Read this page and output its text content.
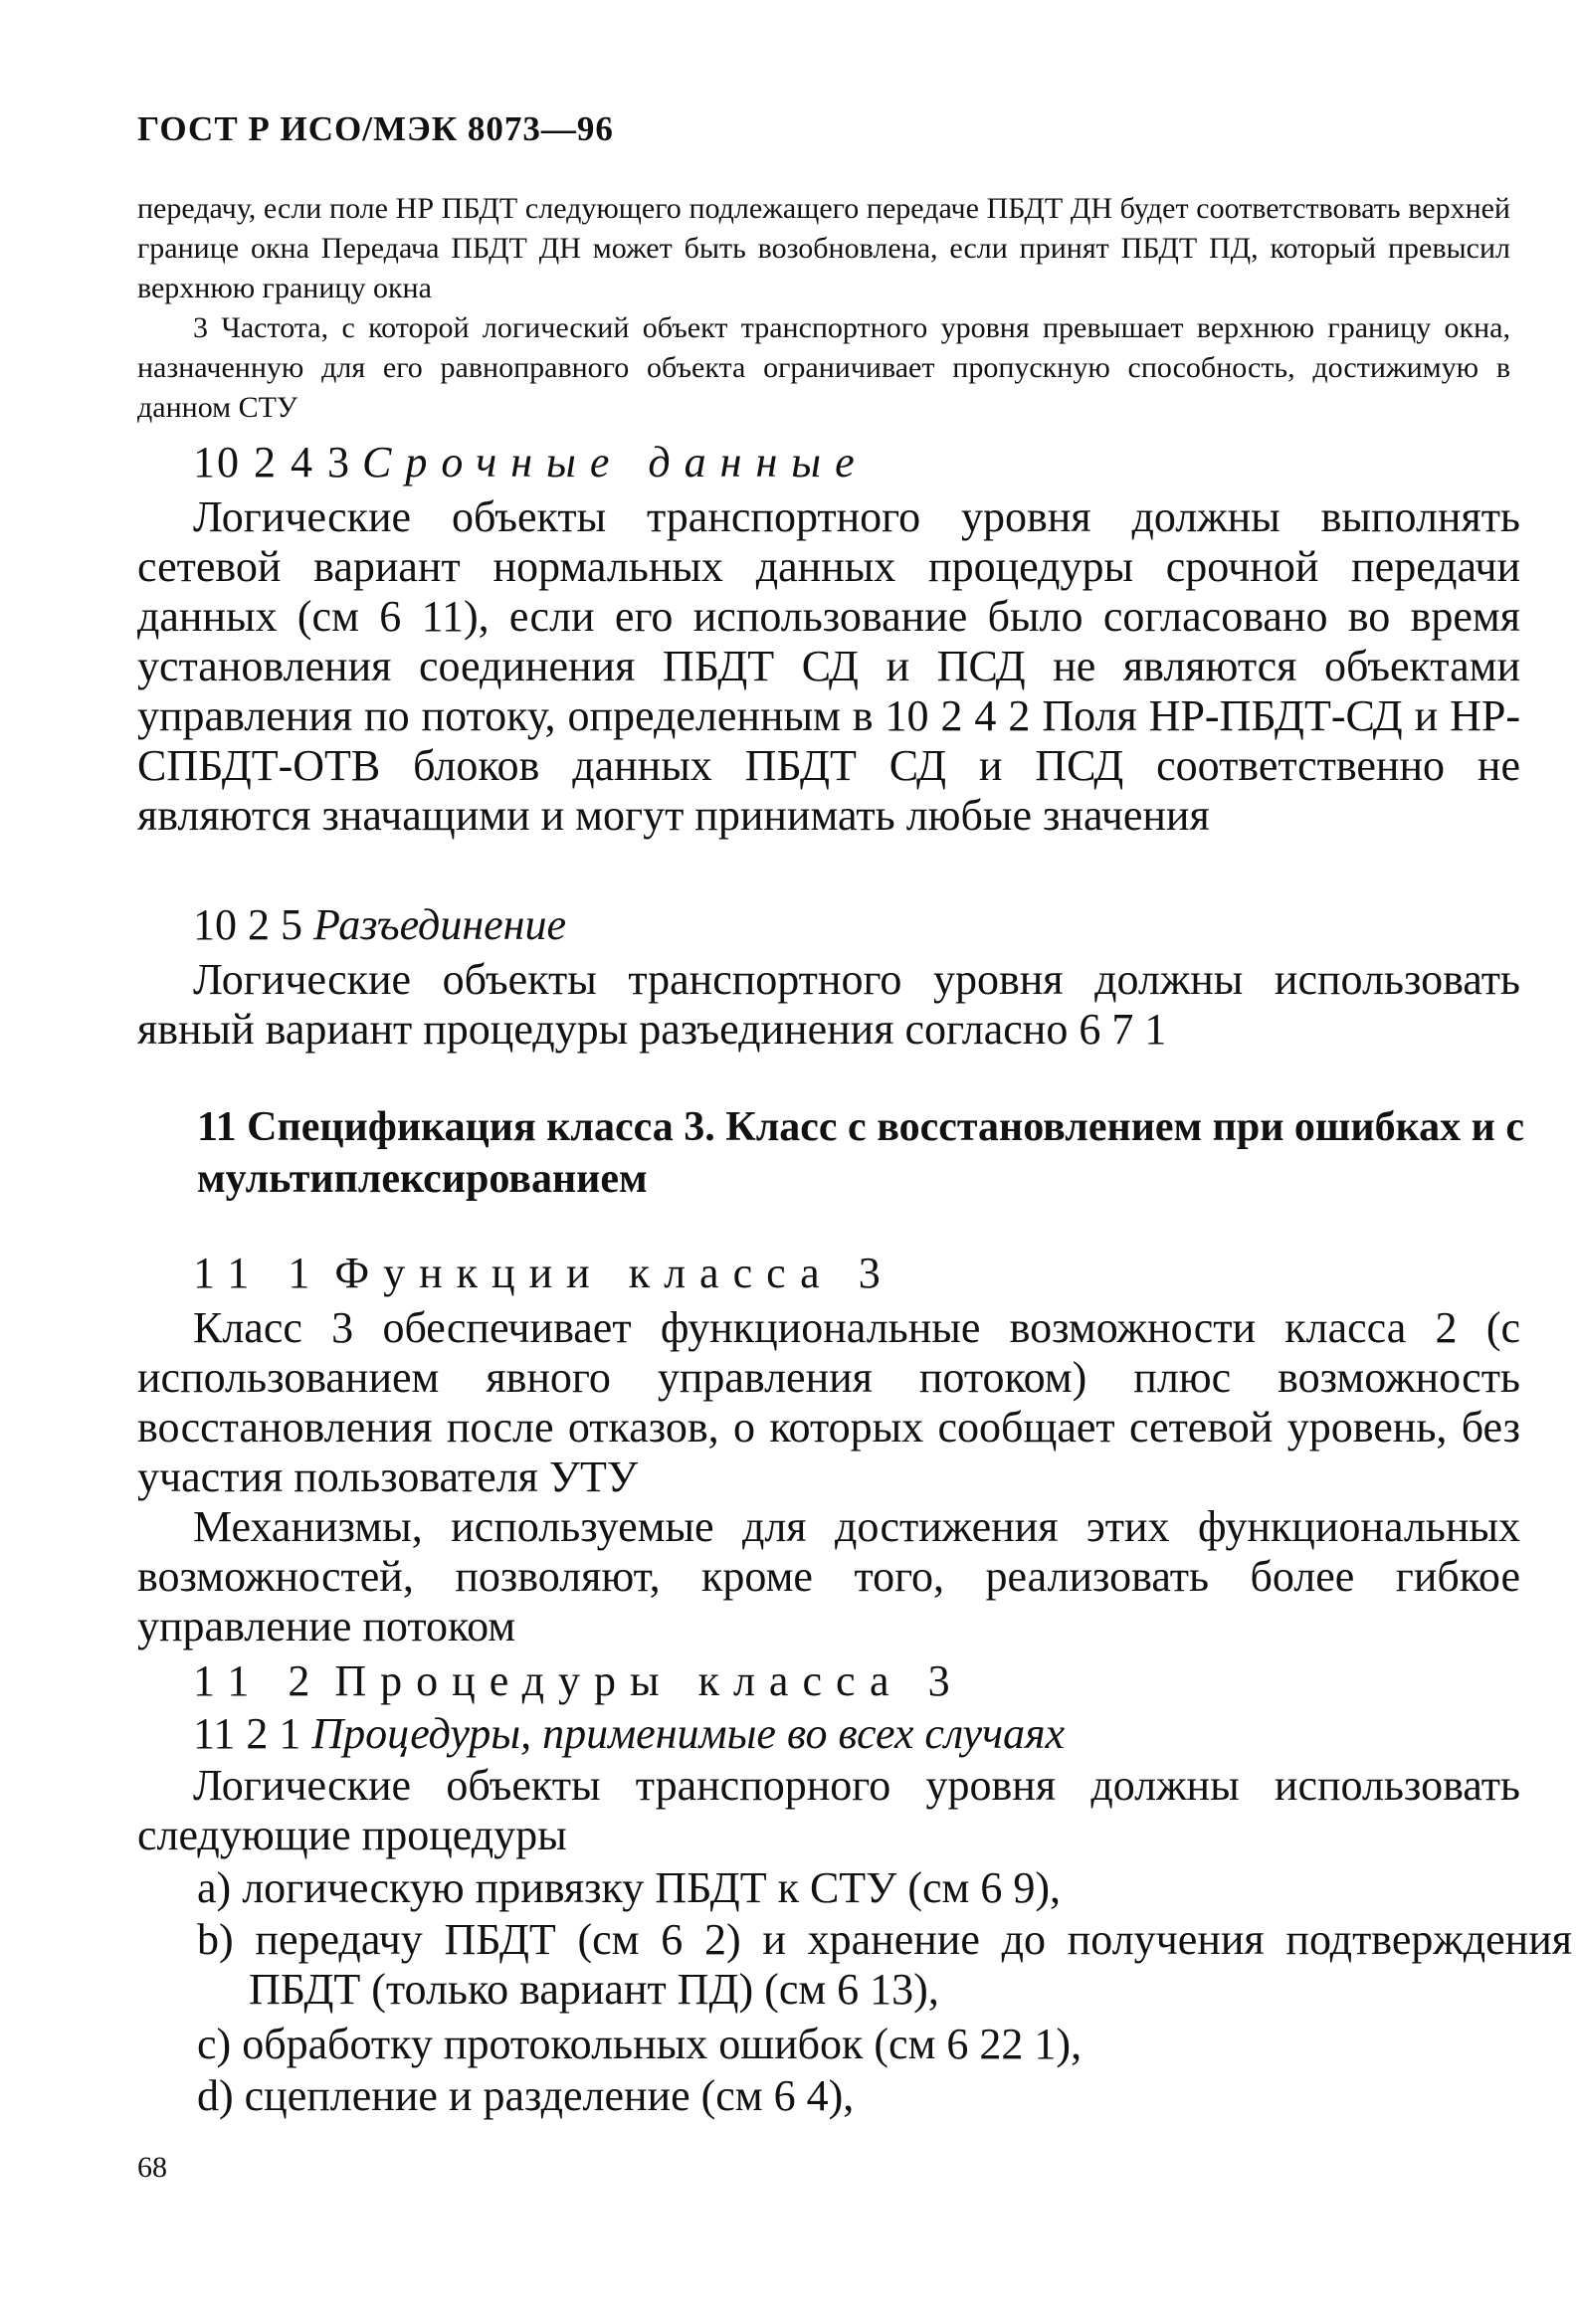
ГОСТ Р ИСО/МЭК 8073—96

передачу, если поле НР ПБДТ следующего подлежащего передаче ПБДТ ДН будет соответствовать верхней границе окна Передача ПБДТ ДН может быть возобновлена, если принят ПБДТ ПД, который превысил верхнюю границу окна

3 Частота, с которой логический объект транспортного уровня превышает верхнюю границу окна, назначенную для его равноправного объекта ограничивает пропускную способность, достижимую в данном СТУ

10 2 4 3 Срочные данные

Логические объекты транспортного уровня должны выполнять сетевой вариант нормальных данных процедуры срочной передачи данных (см 6 11), если его использование было согласовано во время установления соединения ПБДТ СД и ПСД не являются объектами управления по потоку, определенным в 10 2 4 2 Поля НР-ПБДТ-СД и НР-СПБДТ-ОТВ блоков данных ПБДТ СД и ПСД соответственно не являются значащими и могут принимать любые значения

10 2 5 Разъединение

Логические объекты транспортного уровня должны использовать явный вариант процедуры разъединения согласно 6 7 1

11 Спецификация класса 3. Класс с восстановлением при ошибках и с мультиплексированием
11 1 Функции класса 3

Класс 3 обеспечивает функциональные возможности класса 2 (с использованием явного управления потоком) плюс возможность восстановления после отказов, о которых сообщает сетевой уровень, без участия пользователя УТУ

Механизмы, используемые для достижения этих функциональных возможностей, позволяют, кроме того, реализовать более гибкое управление потоком

11 2 Процедуры класса 3
11 2 1 Процедуры, применимые во всех случаях

Логические объекты транспорного уровня должны использовать следующие процедуры

a) логическую привязку ПБДТ к СТУ (см 6 9),
b) передачу ПБДТ (см 6 2) и хранение до получения подтверждения ПБДТ (только вариант ПД) (см 6 13),
c) обработку протокольных ошибок (см 6 22 1),
d) сцепление и разделение (см 6 4),
68
